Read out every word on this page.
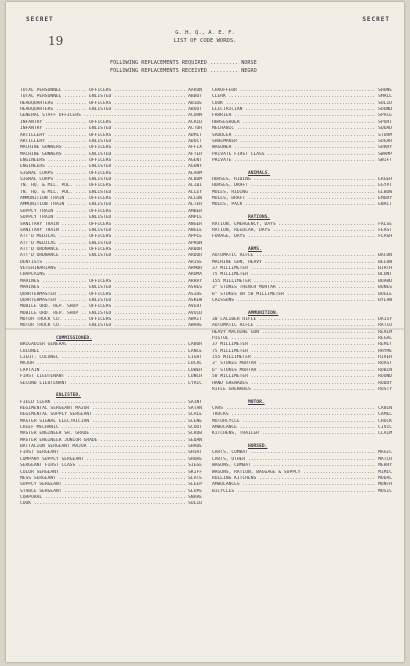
SECRET	SECRET
19
G. H. Q., A. E. F.
LIST OF CODE WORDS.
FOLLOWING REPLACEMENTS REQUIRED ......... NORSE
FOLLOWING REPLACEMENTS RECEIVED ......... NEGRO
TOTAL PERSONNEL ........ OFFICERS .....	AARON
TOTAL PERSONNEL ........ ENLISTED .....	ABBOT
HEADQUARTERS ........... OFFICERS .....	ABIDE
HEADQUARTERS ........... ENLISTED .....	ABOUT
GENERAL STAFF OFFICERS .....	ACORN
INFANTRY ............... OFFICERS .....	ACRID
INFANTRY ............... ENLISTED .....	ACTOR
ARTILLERY .............. OFFICERS .....	ADMIT
ARTILLERY .............. ENLISTED .....	ADULT
MACHINE GUNNERS ........ OFFICERS .....	AFFIX
MACHINE GUNNERS ........ ENLISTED .....	AFTER
ENGINEERS .............. OFFICERS .....	AGENT
ENGINEERS .............. ENLISTED .....	AGONY
SIGNAL CORPS ........... OFFICERS .....	ALARM
SIGNAL CORPS ........... ENLISTED .....	ALBUM
TN. HQ. & MIL. POL. .... OFFICERS .....	ALIBI
TN. HQ. & MIL. POL. .... ENLISTED .....	ALLEY
AMMUNITION TRAIN ....... OFFICERS .....	ALLOW
AMMUNITION TRAIN ....... ENLISTED .....	ALTER
SUPPLY TRAIN ........... OFFICERS .....	AMBER
SUPPLY TRAIN ........... ENLISTED .....	AMPLE
SANITARY TRAIN ......... OFFICERS .....	ANGER
SANITARY TRAIN ......... ENLISTED .....	ANGLE
ATT'D MEDICAL .......... OFFICERS .....	APPLE
ATT'D MEDICAL .......... ENLISTED .....	APRON
ATT'D ORDNANCE ......... OFFICERS .....	ARBOR
ATT'D ORDNANCE ......... ENLISTED .....	ARDOR
DENTISTS .....	ARISE
VETERINARIANS .....	ARMOR
CHAPLAINS .....	AROMA
MARINES ................ OFFICERS .....	ARRAY
MARINES ................ ENLISTED .....	ASHES
QUARTERMASTER .......... OFFICERS .....	ASIDE
QUARTERMASTER .......... ENLISTED .....	ASKEW
MOBILE ORD. REP. SHOP .. OFFICERS .....	AVERT
MOBILE ORD. REP. SHOP .. ENLISTED .....	AVOID
MOTOR TRUCK CO. ........ OFFICERS .....	AWAIT
MOTOR TRUCK CO. ........ ENLISTED .....	AWARE
COMMISSIONED.
BRIGADIER GENERAL .....	LABOR
COLONEL .....	LANCE
LIEUT. COLONEL .....	LIGHT
MAJOR .....	LOCAL
CAPTAIN .....	LOWER
FIRST LIEUTENANT .....	LUNCH
SECOND LIEUTENANT .....	LYRIC
ENLISTED.
FIELD CLERK .....	SAINT
REGIMENTAL SERGEANT MAJOR .....	SATAN
REGIMENTAL SUPPLY SERGEANT .....	SCALE
MASTER SIGNAL ELECTRICIAN .....	SCENE
CHIEF MECHANIC .....	SCOUT
MASTER ENGINEER SR. GRADE .....	SCRUB
MASTER ENGINEER JUNIOR GRADE .....	SEDAN
BATTALION SERGEANT MAJOR .....	SHADE
FIRST SERGEANT .....	SHIRT
COMPANY SUPPLY SERGEANT .....	SHORE
SERGEANT FIRST CLASS .....	SIEGE
COLOR SERGEANT .....	SKIFF
MESS SERGEANT .....	SLATE
SUPPLY SERGEANT .....	SLEEP
STABLE SERGEANT .....	SLOPE
CORPORAL .....	SNARE
COOK .....	SOLID
CHAUFFEUR .....	SHONE
CLERK .....	SMALL
COOK .....	SOLID
ELECTRICIAN .....	SOUND
FARRIER .....	SPACE
HORSESHOER .....	SPORT
MECHANIC .....	SQUAD
SADDLER .....	STORM
SHOEMAKER .....	SUGAR
WAGONER .....	SURRY
PRIVATE FIRST CLASS .....	SWAMP
PRIVATE .....	SWIFT
ANIMALS.
HORSES, RIDING .....	EAGER
HORSES, DRAFT .....	EGYPT
MULES, RIDING .....	ELBOW
MULES, DRAFT .....	EMORY
MULES, PACK .....	ENACT
RATIONS.
RATION, EMERGENCY, DAYS .....	FALSE
RATION, REGULAR, DAYS .....	FEAST
FORAGE, DAYS .....	FLASH
ARMS.
AUTOMATIC RIFLE .....	BACON
MACHINE GUN, HEAVY .....	BELOW
37 MILLIMETER .....	BIRTH
75 MILLIMETER .....	BLUNT
155 MILLIMETER .....	BOARD
3" STOKES TRENCH MORTAR .....	BONES
6" STOKES OR 58 MILLIMETER .....	BUGLE
CAISSONS .....	BYLAW
AMMUNITION.
30 CALIBER RIFLE .....	DAISY
AUTOMATIC RIFLE .....	RATIO
HEAVY MACHINE GUN .....	REALM
PISTOL .....	REGAL
37 MILLIMETER .....	REMIT
75 MILLIMETER .....	RHYME
155 MILLIMETER .....	RIVER
3" STOKES MORTAR .....	ROAST
6" STOKES MORTAR .....	ROBIN
58 MILLIMETER .....	ROUND
HAND GRENADES .....	RUDDY
RIFLE GRENADES .....	RUSTY
MOTOR.
CARS .....	CABIN
TRUCKS .....	CAMEL
MOTORCYCLE .....	CHOCK
AMBULANCE .....	CIVIC
KITCHENS, TRAILER .....	CLAIM
HORSED.
CARTS, COMBAT .....	MAGIC
CARTS, OTHER .....	MATCH
WAGONS, COMBAT .....	MERRY
WAGONS, RATION, BAGGAGE & SUPPLY .....	MIMIC
ROLLING KITCHENS .....	MODAL
AMBULANCES .....	MONTH
BICYCLES .....	MUSIC
